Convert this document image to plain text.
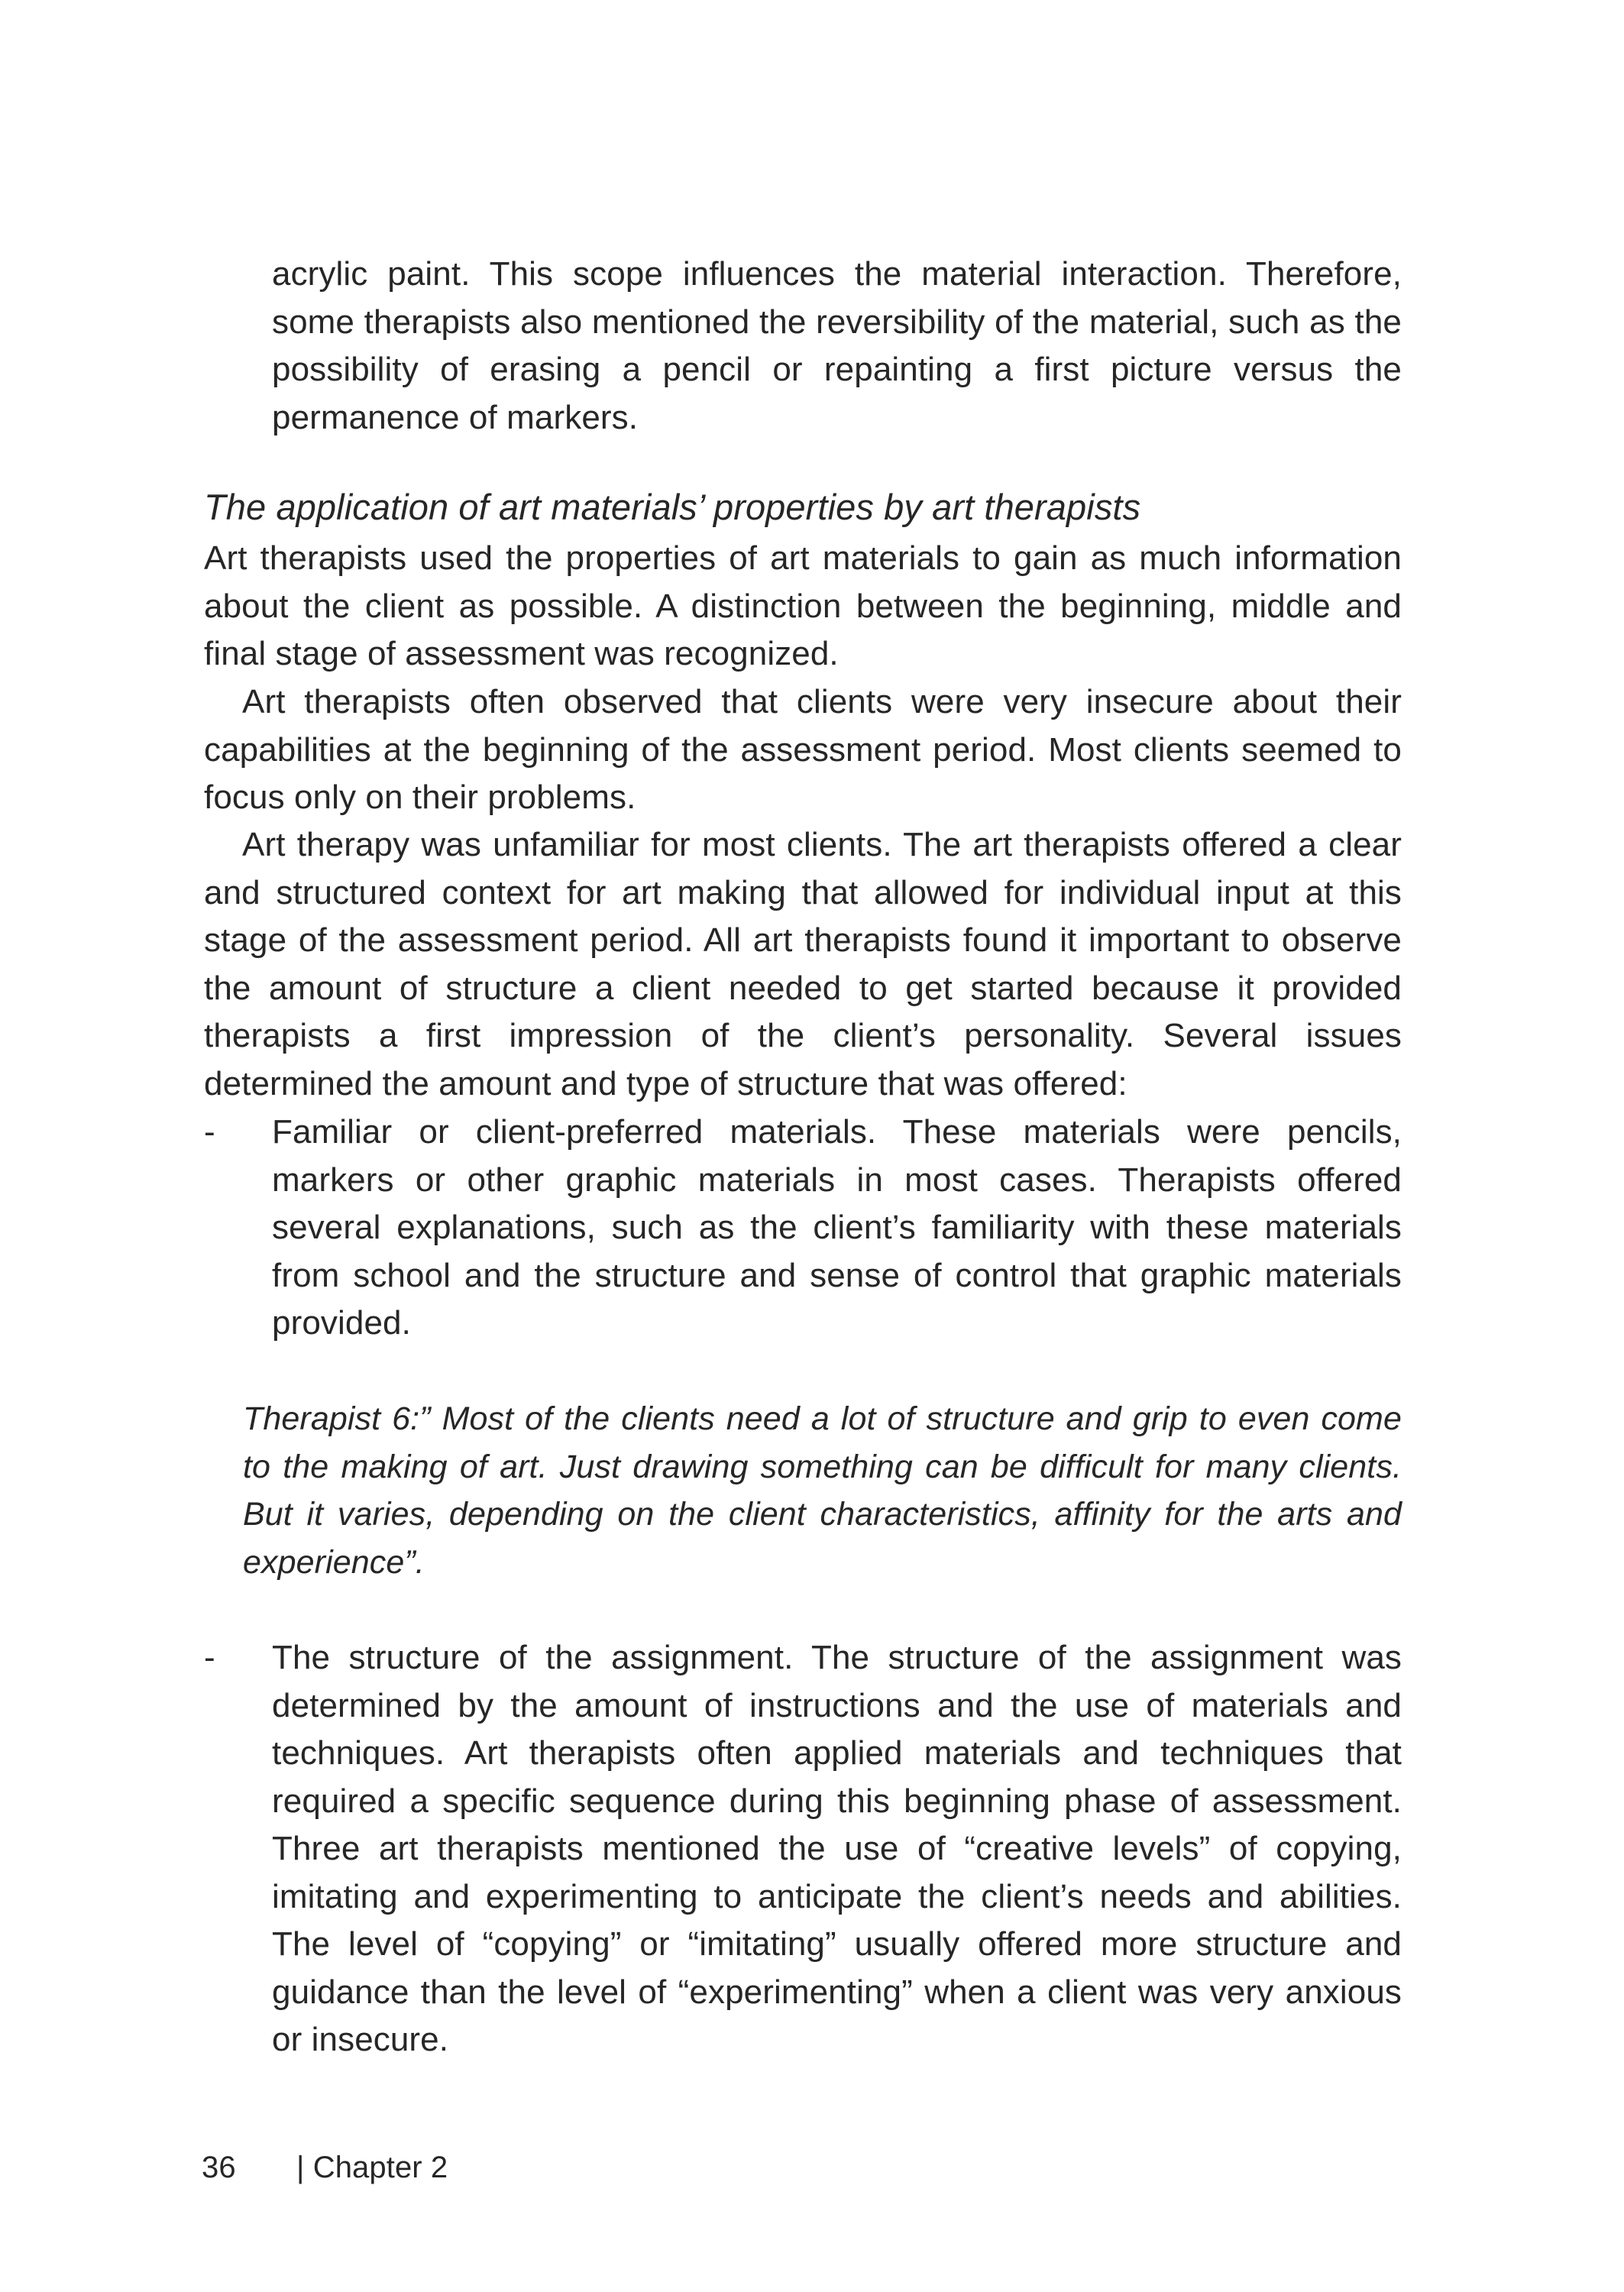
acrylic paint. This scope influences the material interaction. Therefore, some therapists also mentioned the reversibility of the material, such as the possibility of erasing a pencil or repainting a first picture versus the permanence of markers.
The application of art materials’ properties by art therapists
Art therapists used the properties of art materials to gain as much information about the client as possible. A distinction between the beginning, middle and final stage of assessment was recognized.
Art therapists often observed that clients were very insecure about their capabilities at the beginning of the assessment period. Most clients seemed to focus only on their problems.
Art therapy was unfamiliar for most clients. The art therapists offered a clear and structured context for art making that allowed for individual input at this stage of the assessment period. All art therapists found it important to observe the amount of structure a client needed to get started because it provided therapists a first impression of the client’s personality. Several issues determined the amount and type of structure that was offered:
-	Familiar or client-preferred materials. These materials were pencils, markers or other graphic materials in most cases. Therapists offered several explanations, such as the client’s familiarity with these materials from school and the structure and sense of control that graphic materials provided.
Therapist 6:” Most of the clients need a lot of structure and grip to even come to the making of art. Just drawing something can be difficult for many clients. But it varies, depending on the client characteristics, affinity for the arts and experience”.
-	The structure of the assignment. The structure of the assignment was determined by the amount of instructions and the use of materials and techniques. Art therapists often applied materials and techniques that required a specific sequence during this beginning phase of assessment. Three art therapists mentioned the use of “creative levels” of copying, imitating and experimenting to anticipate the client’s needs and abilities. The level of “copying” or “imitating” usually offered more structure and guidance than the level of “experimenting” when a client was very anxious or insecure.
36 | Chapter 2
